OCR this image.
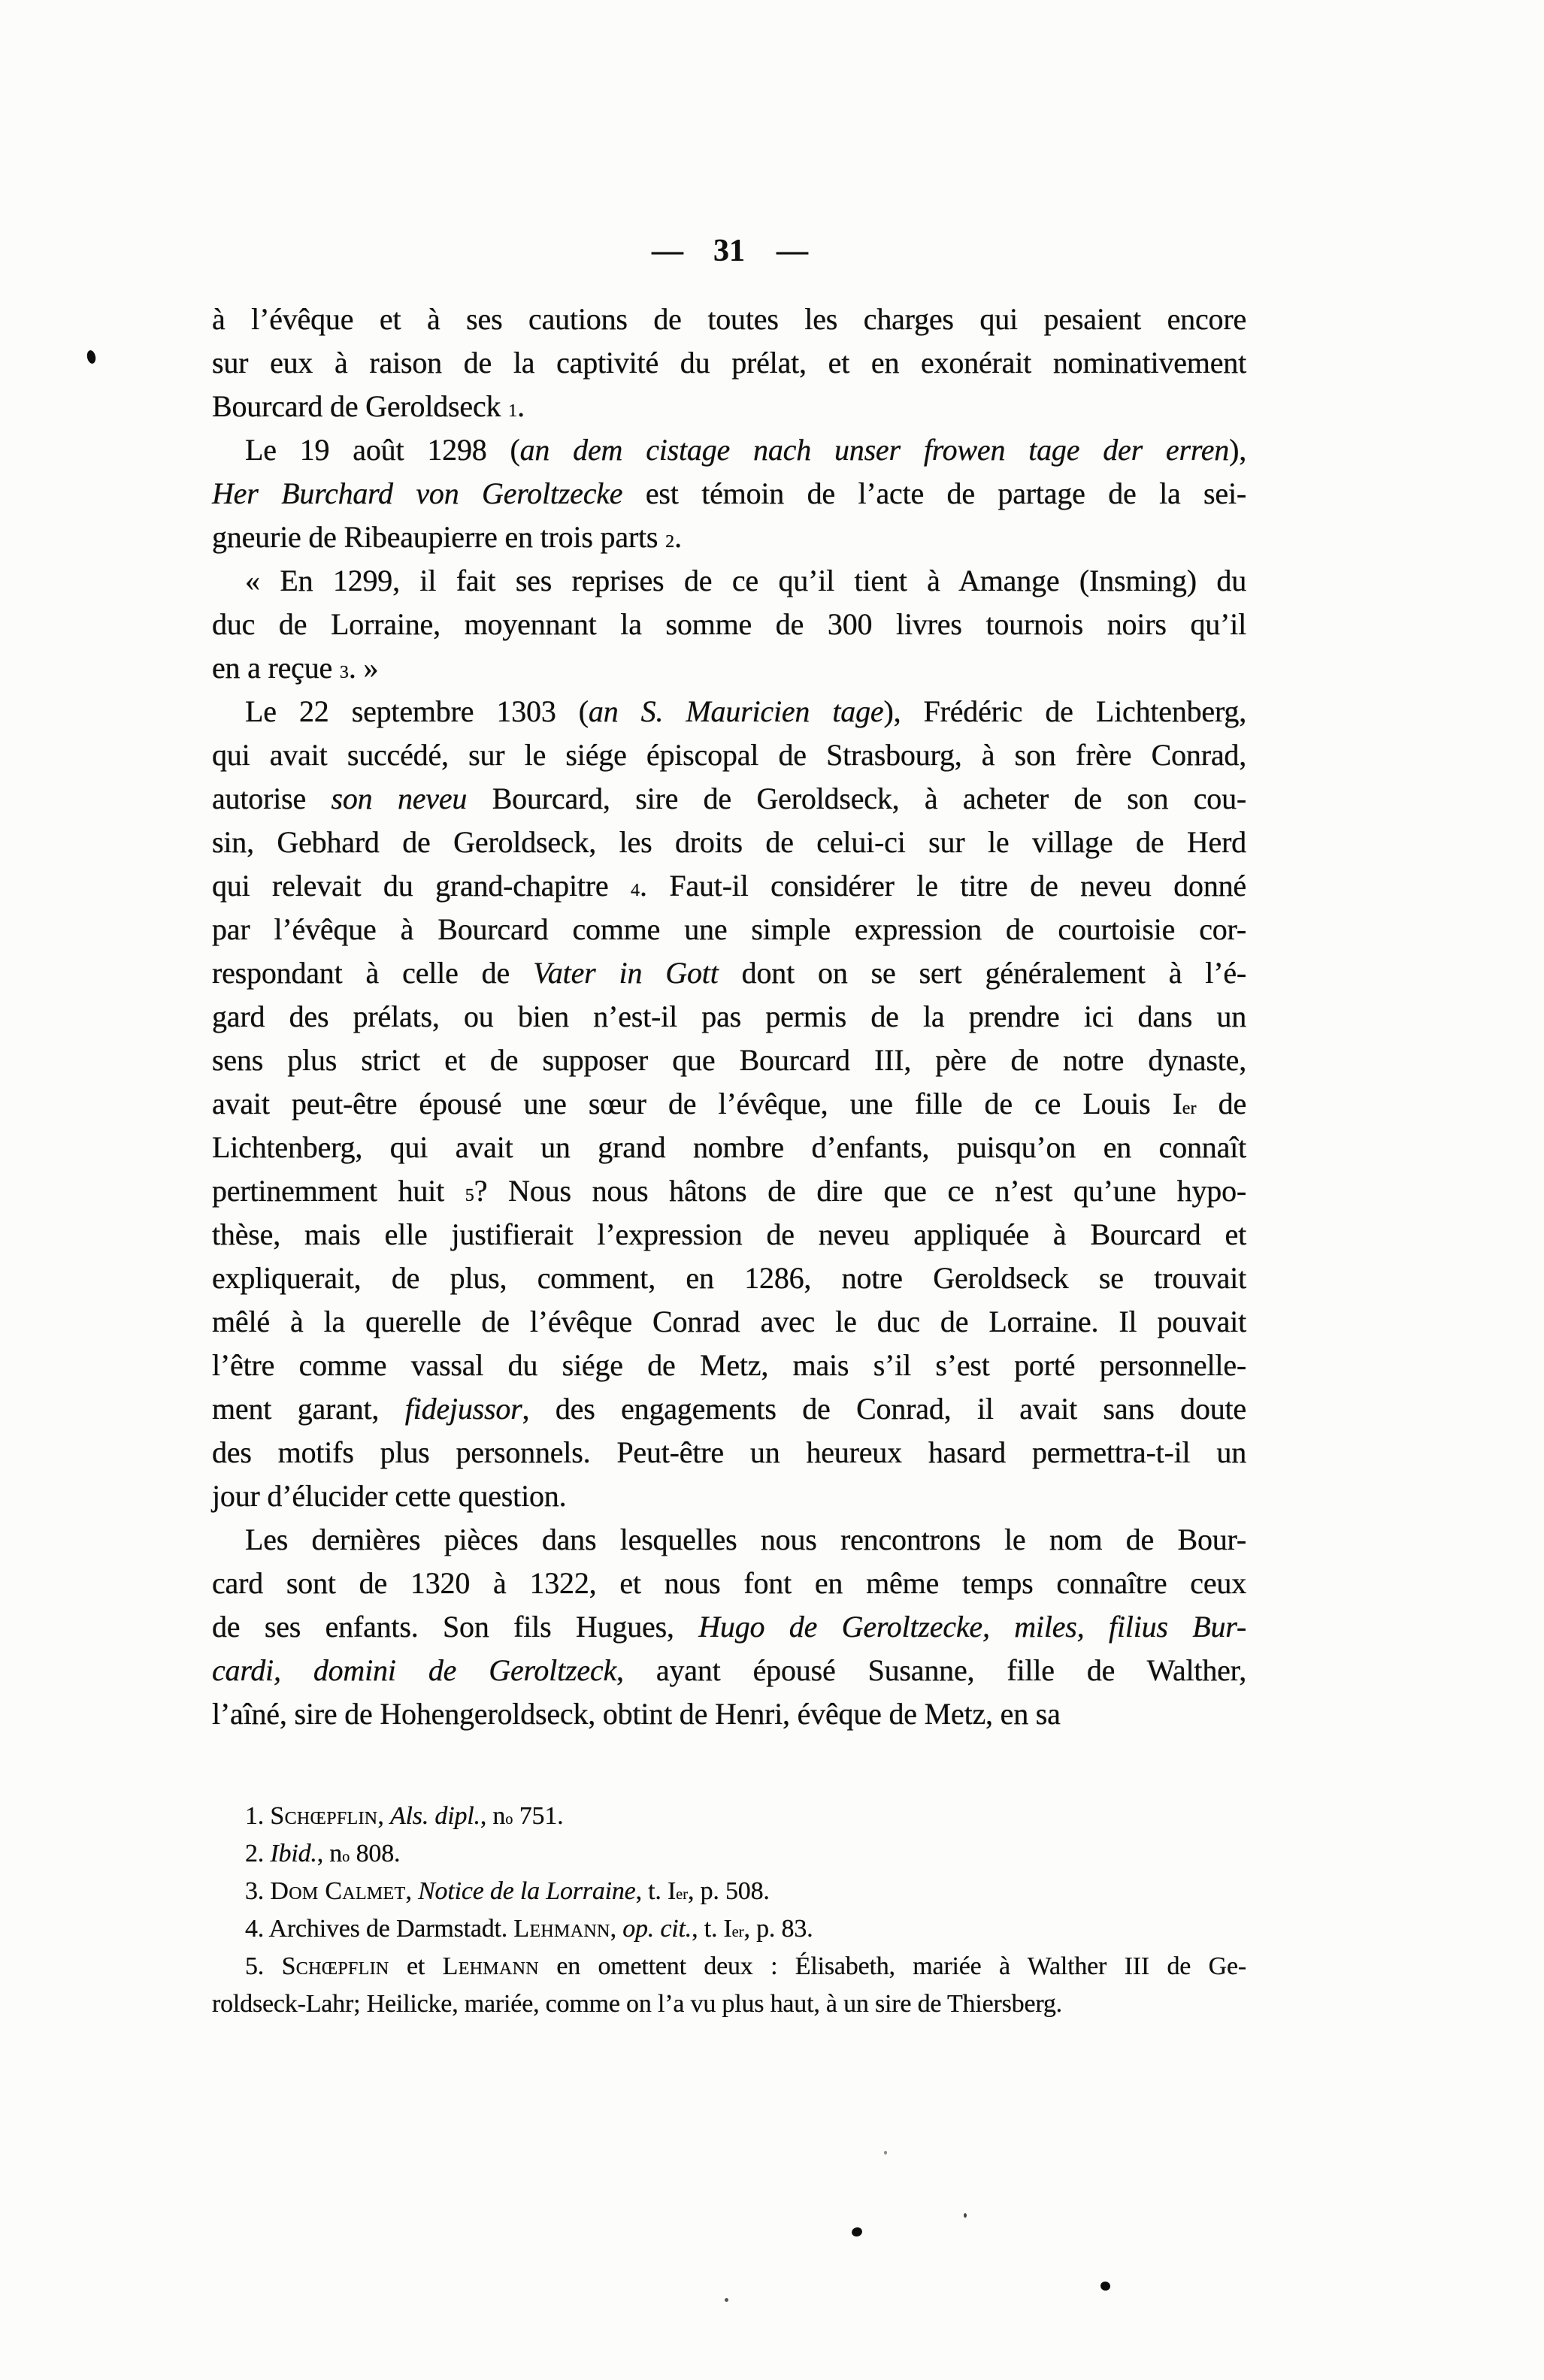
— 31 —
à l’évêque et à ses cautions de toutes les charges qui pesaient encore
sur eux à raison de la captivité du prélat, et en exonérait nominativement
Bourcard de Geroldseck $^1$.
Le 19 août 1298 (an dem cistage nach unser frowen tage der erren),
Her Burchard von Geroltzecke est témoin de l’acte de partage de la sei-
gneurie de Ribeaupierre en trois parts $^2$.
« En 1299, il fait ses reprises de ce qu’il tient à Amange (Insming) du
duc de Lorraine, moyennant la somme de 300 livres tournois noirs qu’il
en a reçue $^3$. »
Le 22 septembre 1303 (an S. Mauricien tage), Frédéric de Lichtenberg,
qui avait succédé, sur le siége épiscopal de Strasbourg, à son frère Conrad,
autorise son neveu Bourcard, sire de Geroldseck, à acheter de son cou-
sin, Gebhard de Geroldseck, les droits de celui-ci sur le village de Herd
qui relevait du grand-chapitre $^4$. Faut-il considérer le titre de neveu donné
par l’évêque à Bourcard comme une simple expression de courtoisie cor-
respondant à celle de Vater in Gott dont on se sert généralement à l’é-
gard des prélats, ou bien n’est-il pas permis de la prendre ici dans un
sens plus strict et de supposer que Bourcard III, père de notre dynaste,
avait peut-être épousé une sœur de l’évêque, une fille de ce Louis Ier de
Lichtenberg, qui avait un grand nombre d’enfants, puisqu’on en connaît
pertinemment huit $^5$? Nous nous hâtons de dire que ce n’est qu’une hypo-
thèse, mais elle justifierait l’expression de neveu appliquée à Bourcard et
expliquerait, de plus, comment, en 1286, notre Geroldseck se trouvait
mêlé à la querelle de l’évêque Conrad avec le duc de Lorraine. Il pouvait
l’être comme vassal du siége de Metz, mais s’il s’est porté personnelle-
ment garant, fidejussor, des engagements de Conrad, il avait sans doute
des motifs plus personnels. Peut-être un heureux hasard permettra-t-il un
jour d’élucider cette question.
Les dernières pièces dans lesquelles nous rencontrons le nom de Bour-
card sont de 1320 à 1322, et nous font en même temps connaître ceux
de ses enfants. Son fils Hugues, Hugo de Geroltzecke, miles, filius Bur-
cardi, domini de Geroltzeck, ayant épousé Susanne, fille de Walther,
l’aîné, sire de Hohengeroldseck, obtint de Henri, évêque de Metz, en sa
1. Schœpflin, Als. dipl., $n^o$ 751.
2. Ibid., $n^o$ 808.
3. Dom Calmet, Notice de la Lorraine, t. Ier, p. 508.
4. Archives de Darmstadt. Lehmann, op. cit., t. Ier, p. 83.
5. Schœpflin et Lehmann en omettent deux : Élisabeth, mariée à Walther III de Ge-
roldseck-Lahr; Heilicke, mariée, comme on l’a vu plus haut, à un sire de Thiersberg.
